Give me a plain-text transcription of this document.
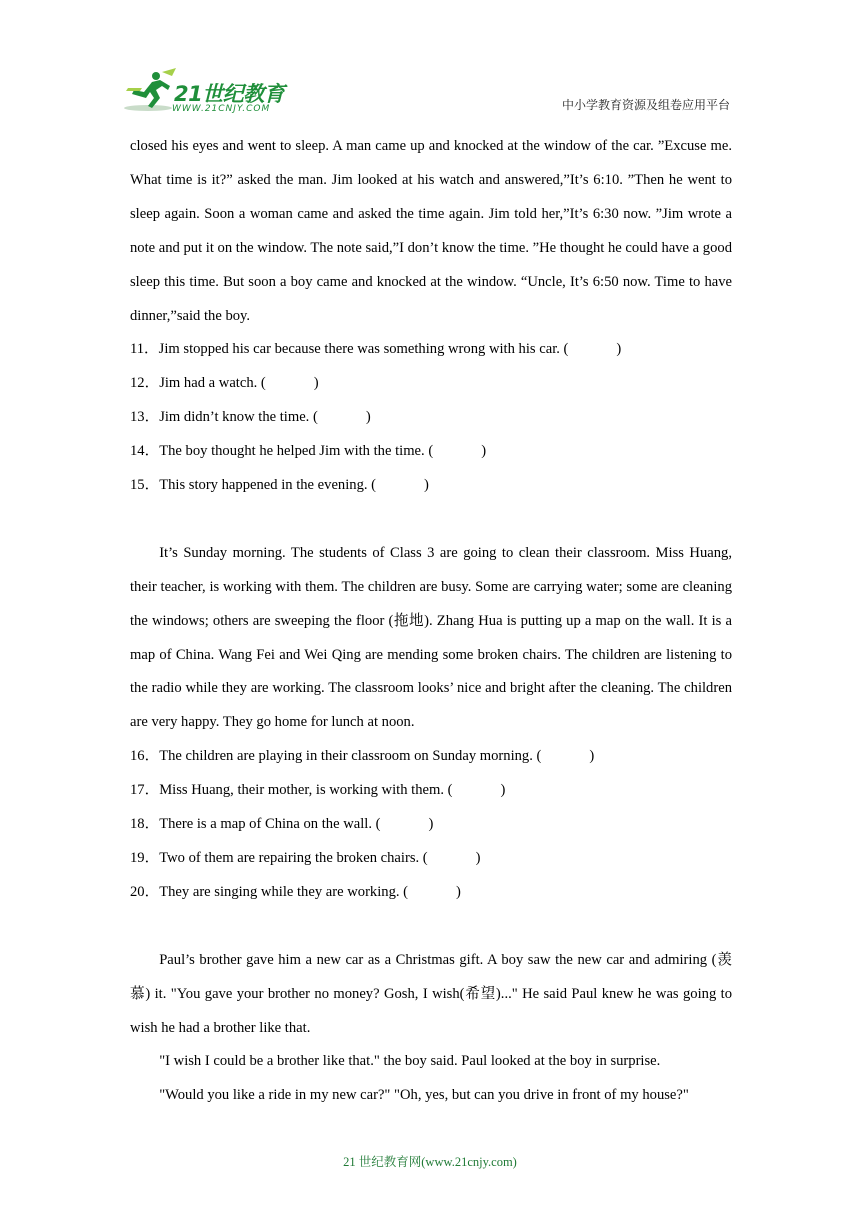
21世纪教育
WWW.21CNJY.COM	中小学教育资源及组卷应用平台

closed his eyes and went to sleep. A man came up and knocked at the window of the car. ”Excuse me. What time is it?” asked the man. Jim looked at his watch and answered,”It’s 6:10. ”Then he went to sleep again. Soon a woman came and asked the time again. Jim told her,”It’s 6:30 now. ”Jim wrote a note and put it on the window. The note said,”I don’t know the time. ”He thought he could have a good sleep this time. But soon a boy came and knocked at the window. “Uncle, It’s 6:50 now. Time to have dinner,”said the boy.

11．Jim stopped his car because there was something wrong with his car. (	)
12．Jim had a watch. (	)
13．Jim didn’t know the time. (	)
14．The boy thought he helped Jim with the time. (	)
15．This story happened in the evening. (	)

It’s Sunday morning. The students of Class 3 are going to clean their classroom. Miss Huang, their teacher, is working with them. The children are busy. Some are carrying water; some are cleaning the windows; others are sweeping the floor (拖地). Zhang Hua is putting up a map on the wall. It is a map of China. Wang Fei and Wei Qing are mending some broken chairs. The children are listening to the radio while they are working. The classroom looks’ nice and bright after the cleaning. The children are very happy. They go home for lunch at noon.

16．The children are playing in their classroom on Sunday morning. (	)
17．Miss Huang, their mother, is working with them. (	)
18．There is a map of China on the wall. (	)
19．Two of them are repairing the broken chairs. (	)
20．They are singing while they are working. (	)

Paul’s brother gave him a new car as a Christmas gift. A boy saw the new car and admiring (羡慕) it. "You gave your brother no money? Gosh, I wish(希望)..." He said Paul knew he was going to wish he had a brother like that.

"I wish I could be a brother like that." the boy said. Paul looked at the boy in surprise.

"Would you like a ride in my new car?" "Oh, yes, but can you drive in front of my house?"

21 世纪教育网(www.21cnjy.com)
